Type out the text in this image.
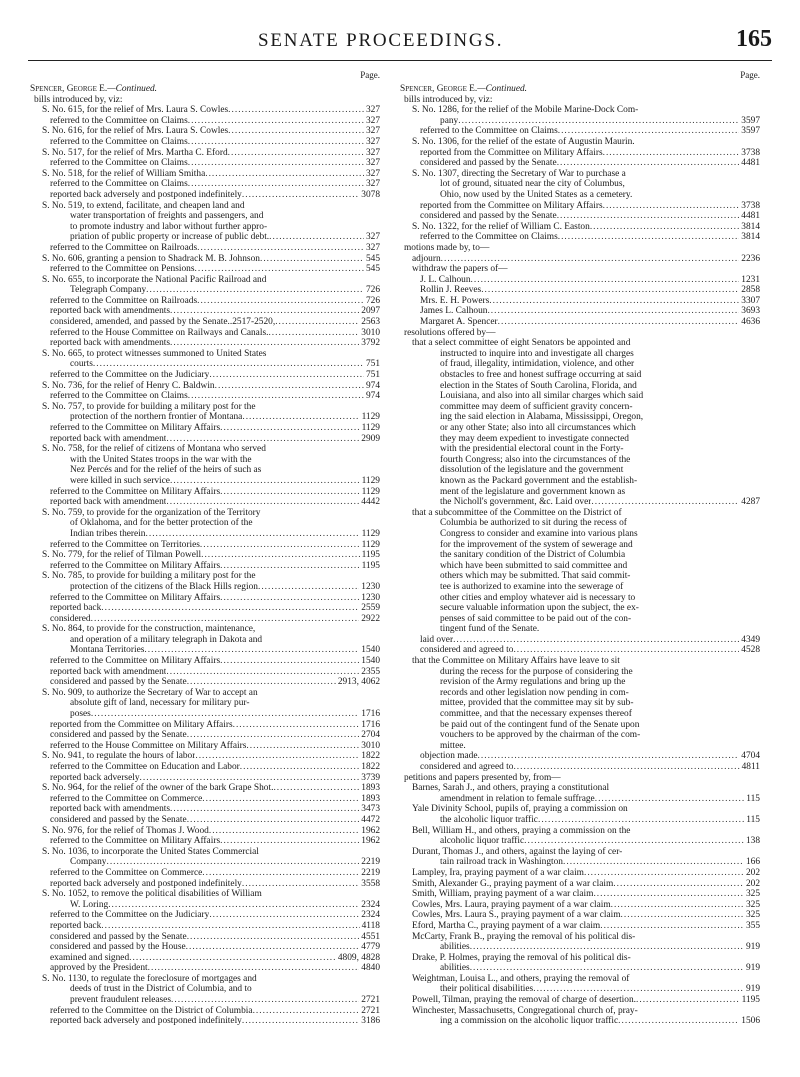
SENATE PROCEEDINGS.	165
Page.
Spencer, George E.—Continued.
bills introduced by, viz:
S. No. 615, for the relief of Mrs. Laura S. Cowles .....	327
referred to the Committee on Claims .....	327
S. No. 616, for the relief of Mrs. Laura S. Cowles .....	327
referred to the Committee on Claims .....	327
S. No. 517, for the relief of Mrs. Martha C. Eford .....	327
referred to the Committee on Claims .....	327
S. No. 518, for the relief of William Smitha .....	327
referred to the Committee on Claims .....	327
reported back adversely and postponed indefinitely .....	3078
S. No. 519, to extend, facilitate, and cheapen land and
water transportation of freights and passengers, and
to promote industry and labor without further appro-
priation of public property or increase of public debt. .....	327
referred to the Committee on Railroads .....	327
S. No. 606, granting a pension to Shadrack M. B. Johnson .....	545
referred to the Committee on Pensions .....	545
S. No. 655, to incorporate the National Pacific Railroad and
Telegraph Company .....	726
referred to the Committee on Railroads .....	726
reported back with amendments .....	2097
considered, amended, and passed by the Senate..2517-2520, .....	2563
referred to the House Committee on Railways and Canals. .....	3010
reported back with amendments .....	3792
S. No. 665, to protect witnesses summoned to United States
courts .....	751
referred to the Committee on the Judiciary .....	751
S. No. 736, for the relief of Henry C. Baldwin .....	974
referred to the Committee on Claims .....	974
S. No. 757, to provide for building a military post for the
protection of the northern frontier of Montana .....	1129
referred to the Committee on Military Affairs .....	1129
reported back with amendment .....	2909
S. No. 758, for the relief of citizens of Montana who served
with the United States troops in the war with the
Nez Percés and for the relief of the heirs of such as
were killed in such service .....	1129
referred to the Committee on Military Affairs .....	1129
reported back with amendment .....	4442
S. No. 759, to provide for the organization of the Territory
of Oklahoma, and for the better protection of the
Indian tribes therein .....	1129
referred to the Committee on Territories .....	1129
S. No. 779, for the relief of Tilman Powell .....	1195
referred to the Committee on Military Affairs .....	1195
S. No. 785, to provide for building a military post for the
protection of the citizens of the Black Hills region .....	1230
referred to the Committee on Military Affairs .....	1230
reported back .....	2559
considered .....	2922
S. No. 864, to provide for the construction, maintenance,
and operation of a military telegraph in Dakota and
Montana Territories .....	1540
referred to the Committee on Military Affairs .....	1540
reported back with amendment .....	2355
considered and passed by the Senate .....	2913, 4062
S. No. 909, to authorize the Secretary of War to accept an
absolute gift of land, necessary for military pur-
poses .....	1716
reported from the Committee on Military Affairs .....	1716
considered and passed by the Senate .....	2704
referred to the House Committee on Military Affairs .....	3010
S. No. 941, to regulate the hours of labor .....	1822
referred to the Committee on Education and Labor .....	1822
reported back adversely .....	3739
S. No. 964, for the relief of the owner of the bark Grape Shot. .....	1893
referred to the Committee on Commerce .....	1893
reported back with amendments .....	3473
considered and passed by the Senate .....	4472
S. No. 976, for the relief of Thomas J. Wood .....	1962
referred to the Committee on Military Affairs .....	1962
S. No. 1036, to incorporate the United States Commercial
Company .....	2219
referred to the Committee on Commerce .....	2219
reported back adversely and postponed indefinitely .....	3558
S. No. 1052, to remove the political disabilities of William
W. Loring .....	2324
referred to the Committee on the Judiciary .....	2324
reported back .....	4118
considered and passed by the Senate .....	4551
considered and passed by the House .....	4779
examined and signed .....	4809, 4828
approved by the President .....	4840
S. No. 1130, to regulate the foreclosure of mortgages and
deeds of trust in the District of Columbia, and to
prevent fraudulent releases .....	2721
referred to the Committee on the District of Columbia .....	2721
reported back adversely and postponed indefinitely .....	3186
Page.
Spencer, George E.—Continued.
bills introduced by, viz:
S. No. 1286, for the relief of the Mobile Marine-Dock Com-
pany .....	3597
referred to the Committee on Claims .....	3597
S. No. 1306, for the relief of the estate of Augustin Maurin.
reported from the Committee on Military Affairs .....	3738
considered and passed by the Senate .....	4481
S. No. 1307, directing the Secretary of War to purchase a
lot of ground, situated near the city of Columbus,
Ohio, now used by the United States as a cemetery.
reported from the Committee on Military Affairs .....	3738
considered and passed by the Senate .....	4481
S. No. 1322, for the relief of William C. Easton .....	3814
referred to the Committee on Claims .....	3814
motions made by, to—
adjourn .....	2236
withdraw the papers of—
J. L. Calhoun .....	1231
Rollin J. Reeves .....	2858
Mrs. E. H. Powers .....	3307
James L. Calhoun .....	3693
Margaret A. Spencer .....	4636
resolutions offered by—
that a select committee of eight Senators be appointed and
instructed to inquire into and investigate all charges
of fraud, illegality, intimidation, violence, and other
obstacles to free and honest suffrage occurring at said
election in the States of South Carolina, Florida, and
Louisiana, and also into all similar charges which said
committee may deem of sufficient gravity concern-
ing the said election in Alabama, Mississippi, Oregon,
or any other State; also into all circumstances which
they may deem expedient to investigate connected
with the presidential electoral count in the Forty-
fourth Congress; also into the circumstances of the
dissolution of the legislature and the government
known as the Packard government and the establish-
ment of the legislature and government known as
the Nicholl's government, &c. Laid over .....	4287
that a subcommittee of the Committee on the District of
Columbia be authorized to sit during the recess of
Congress to consider and examine into various plans
for the improvement of the system of sewerage and
the sanitary condition of the District of Columbia
which have been submitted to said committee and
others which may be submitted. That said commit-
tee is authorized to examine into the sewerage of
other cities and employ whatever aid is necessary to
secure valuable information upon the subject, the ex-
penses of said committee to be paid out of the con-
tingent fund of the Senate.
laid over .....	4349
considered and agreed to .....	4528
that the Committee on Military Affairs have leave to sit
during the recess for the purpose of considering the
revision of the Army regulations and bring up the
records and other legislation now pending in com-
mittee, provided that the committee may sit by sub-
committee, and that the necessary expenses thereof
be paid out of the contingent fund of the Senate upon
vouchers to be approved by the chairman of the com-
mittee.
objection made .....	4704
considered and agreed to .....	4811
petitions and papers presented by, from—
Barnes, Sarah J., and others, praying a constitutional
amendment in relation to female suffrage .....	115
Yale Divinity School, pupils of, praying a commission on
the alcoholic liquor traffic .....	115
Bell, William H., and others, praying a commission on the
alcoholic liquor traffic .....	138
Durant, Thomas J., and others, against the laying of cer-
tain railroad track in Washington .....	166
Lampley, Ira, praying payment of a war claim .....	202
Smith, Alexander G., praying payment of a war claim .....	202
Smith, William, praying payment of a war claim .....	325
Cowles, Mrs. Laura, praying payment of a war claim .....	325
Cowles, Mrs. Laura S., praying payment of a war claim .....	325
Eford, Martha C., praying payment of a war claim .....	355
McCarty, Frank B., praying the removal of his political dis-
abilities .....	919
Drake, P. Holmes, praying the removal of his political dis-
abilities .....	919
Weightman, Louisa L., and others, praying the removal of
their political disabilities .....	919
Powell, Tilman, praying the removal of charge of desertion. .....	1195
Winchester, Massachusetts, Congregational church of, pray-
ing a commission on the alcoholic liquor traffic .....	1506
